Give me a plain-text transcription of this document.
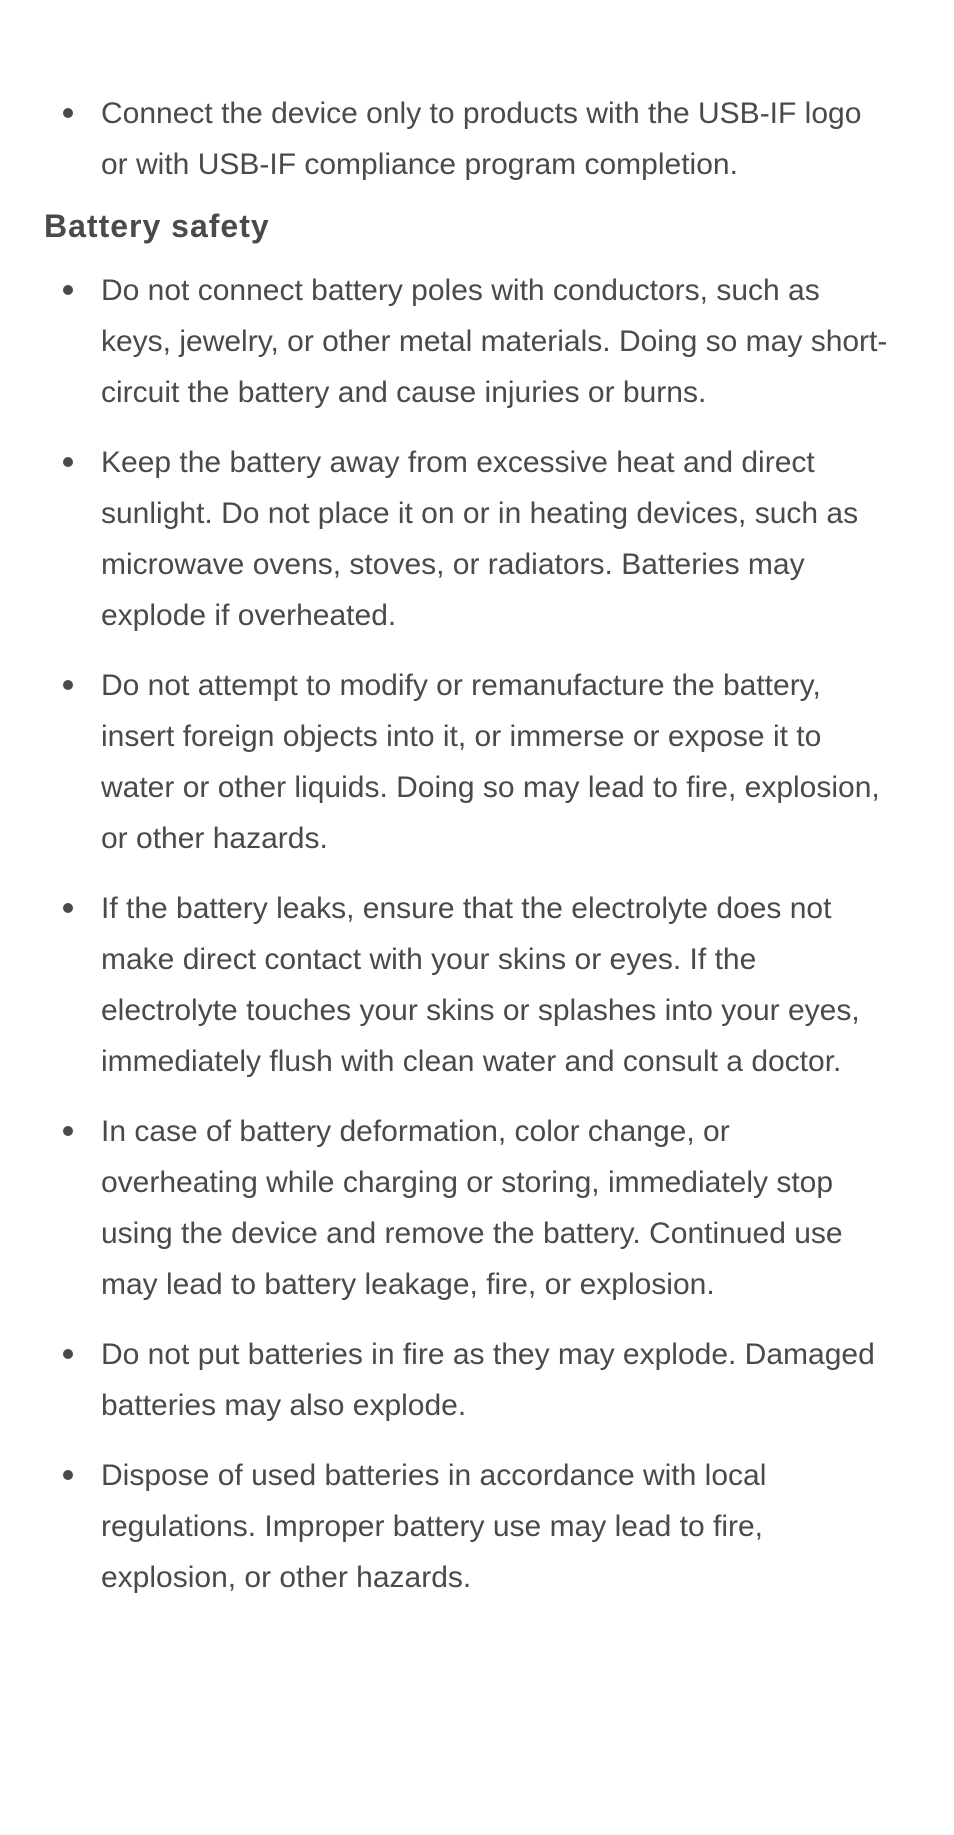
Connect the device only to products with the USB-IF logo or with USB-IF compliance program completion.
Battery safety
Do not connect battery poles with conductors, such as keys, jewelry, or other metal materials. Doing so may short-circuit the battery and cause injuries or burns.
Keep the battery away from excessive heat and direct sunlight. Do not place it on or in heating devices, such as microwave ovens, stoves, or radiators. Batteries may explode if overheated.
Do not attempt to modify or remanufacture the battery, insert foreign objects into it, or immerse or expose it to water or other liquids. Doing so may lead to fire, explosion, or other hazards.
If the battery leaks, ensure that the electrolyte does not make direct contact with your skins or eyes. If the electrolyte touches your skins or splashes into your eyes, immediately flush with clean water and consult a doctor.
In case of battery deformation, color change, or overheating while charging or storing, immediately stop using the device and remove the battery. Continued use may lead to battery leakage, fire, or explosion.
Do not put batteries in fire as they may explode. Damaged batteries may also explode.
Dispose of used batteries in accordance with local regulations. Improper battery use may lead to fire, explosion, or other hazards.
